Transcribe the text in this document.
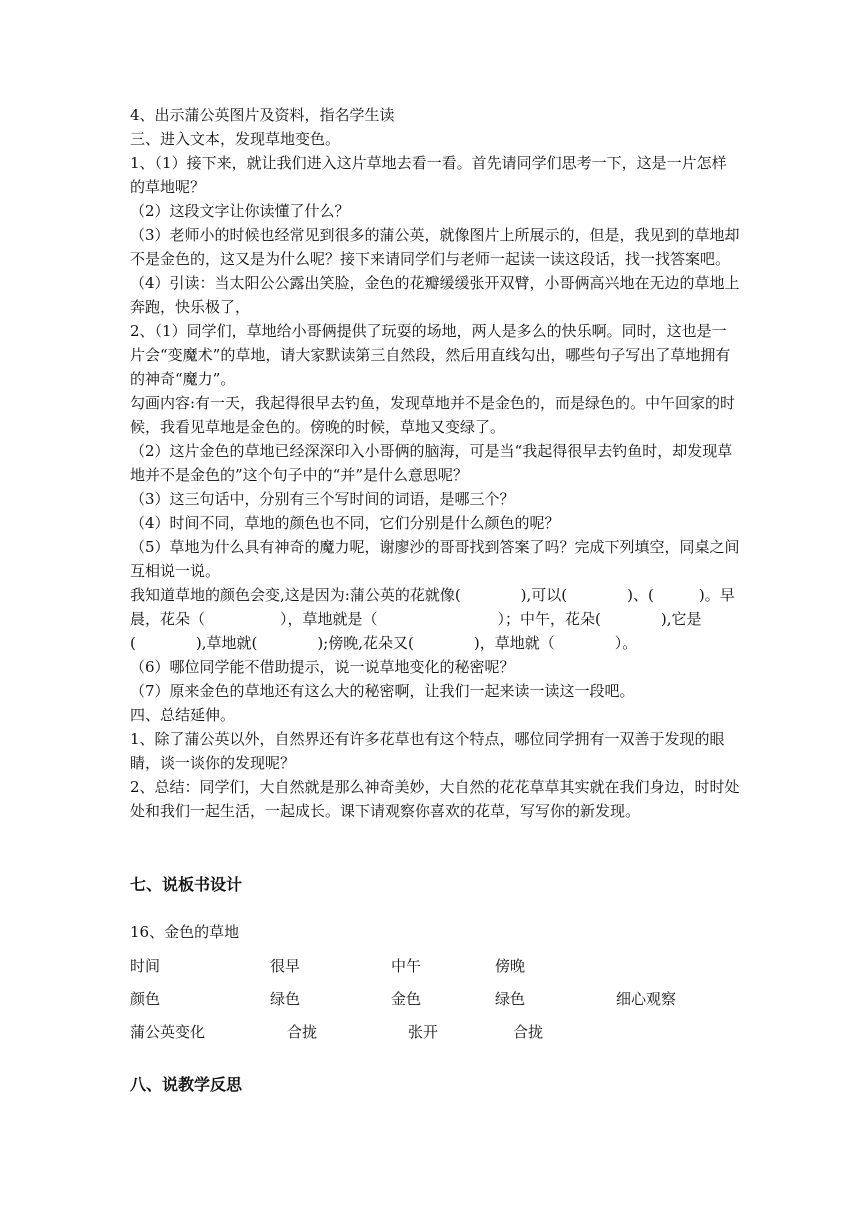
4、出示蒲公英图片及资料，指名学生读

三、进入文本，发现草地变色。

1、（1）接下来，就让我们进入这片草地去看一看。首先请同学们思考一下，这是一片怎样的草地呢？

（2）这段文字让你读懂了什么？

（3）老师小的时候也经常见到很多的蒲公英，就像图片上所展示的，但是，我见到的草地却不是金色的，这又是为什么呢？接下来请同学们与老师一起读一读这段话，找一找答案吧。

（4）引读：当太阳公公露出笑脸，金色的花瓣缓缓张开双臂，小哥俩高兴地在无边的草地上奔跑，快乐极了，

2、（1）同学们，草地给小哥俩提供了玩耍的场地，两人是多么的快乐啊。同时，这也是一片会“变魔术”的草地，请大家默读第三自然段，然后用直线勾出，哪些句子写出了草地拥有的神奇“魔力”。

勾画内容:有一天，我起得很早去钓鱼，发现草地并不是金色的，而是绿色的。中午回家的时候，我看见草地是金色的。傍晚的时候，草地又变绿了。

（2）这片金色的草地已经深深印入小哥俩的脑海，可是当“我起得很早去钓鱼时，却发现草地并不是金色的”这个句子中的“并”是什么意思呢？

（3）这三句话中，分别有三个写时间的词语，是哪三个？

（4）时间不同，草地的颜色也不同，它们分别是什么颜色的呢？

（5）草地为什么具有神奇的魔力呢，谢廖沙的哥哥找到答案了吗？完成下列填空，同桌之间互相说一说。

我知道草地的颜色会变,这是因为:蒲公英的花就像(　　　　),可以(　　　　)、(　　　)。早晨，花朵（　　　　　），草地就是（　　　　　　　　）；中午，花朵(　　　　),它是(　　　　),草地就(　　　　);傍晚,花朵又(　　　　)，草地就（　　　　）。

（6）哪位同学能不借助提示，说一说草地变化的秘密呢？

（7）原来金色的草地还有这么大的秘密啊，让我们一起来读一读这一段吧。

四、总结延伸。

1、除了蒲公英以外，自然界还有许多花草也有这个特点，哪位同学拥有一双善于发现的眼睛，谈一谈你的发现呢？

2、总结：同学们，大自然就是那么神奇美妙，大自然的花花草草其实就在我们身边，时时处处和我们一起生活，一起成长。课下请观察你喜欢的花草，写写你的新发现。

七、说板书设计
16、金色的草地
时间	很早	中午	傍晚
颜色	绿色	金色	绿色	细心观察
蒲公英变化	合拢	张开	合拢
八、说教学反思
